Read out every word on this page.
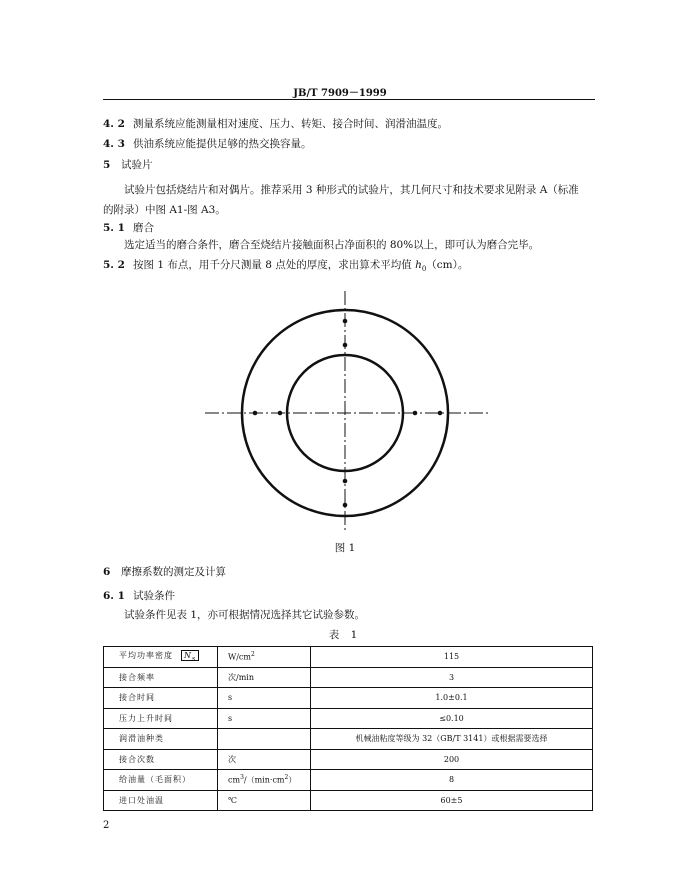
JB/T 7909－1999
4. 2 测量系统应能测量相对速度、压力、转矩、接合时间、润滑油温度。
4. 3 供油系统应能提供足够的热交换容量。
5 试验片
试验片包括烧结片和对偶片。推荐采用 3 种形式的试验片，其几何尺寸和技术要求见附录 A（标准
的附录）中图 A1-图 A3。
5. 1 磨合
选定适当的磨合条件，磨合至烧结片接触面积占净面积的 80%以上，即可认为磨合完毕。
5. 2 按图 1 布点，用千分尺测量 8 点处的厚度，求出算术平均值 $h_0(cm)$。
图 1
6 摩擦系数的测定及计算
6. 1 试验条件
试验条件见表 1，亦可根据情况选择其它试验参数。
表 1
平均功率密度 $N_s$	$W/cm^2$	115
接合频率	次/min	3
接合时间	s	1.0±0.1
压力上升时间	s	≤0.10
润滑油种类		机械油粘度等级为 32（GB/T 3141）或根据需要选择
接合次数	次	200
给油量（毛面积）	$cm^3/(\min\cdot cm^2)$	8
进口处油温	℃	60±5
2
